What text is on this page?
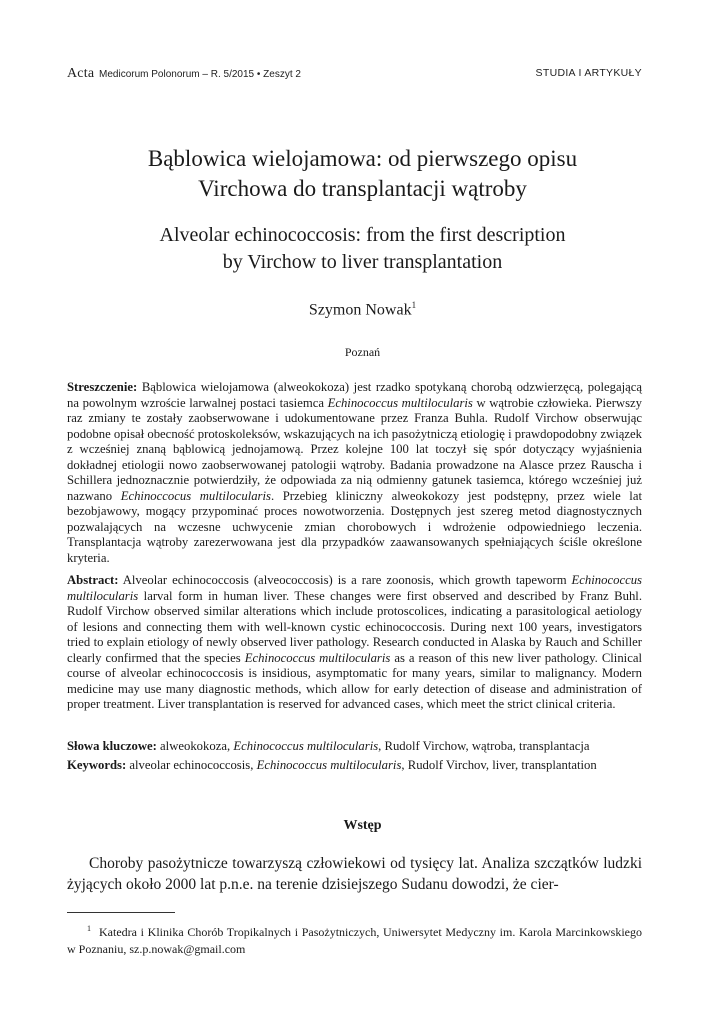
Acta Medicorum Polonorum – R. 5/2015 • Zeszyt 2	STUDIA I ARTYKUŁY
Bąblowica wielojamowa: od pierwszego opisu
Virchowa do transplantacji wątroby
Alveolar echinococcosis: from the first description
by Virchow to liver transplantation
Szymon Nowak$^1$
Poznań
Streszczenie: Bąblowica wielojamowa (alweokokoza) jest rzadko spotykaną chorobą odzwierzęcą, polegającą na powolnym wzroście larwalnej postaci tasiemca Echinococcus multilocularis w wątrobie człowieka. Pierwszy raz zmiany te zostały zaobserwowane i udokumentowane przez Franza Buhla. Rudolf Virchow obserwując podobne opisał obecność protoskoleksów, wskazujących na ich pasożytniczą etiologię i prawdopodobny związek z wcześniej znaną bąblowicą jednojamową. Przez kolejne 100 lat toczył się spór dotyczący wyjaśnienia dokładnej etiologii nowo zaobserwowanej patologii wątroby. Badania prowadzone na Alasce przez Rauscha i Schillera jednoznacznie potwierdziły, że odpowiada za nią odmienny gatunek tasiemca, którego wcześniej już nazwano Echinoccocus multilocularis. Przebieg kliniczny alweokokozy jest podstępny, przez wiele lat bezobjawowy, mogący przypominać proces nowotworzenia. Dostępnych jest szereg metod diagnostycznych pozwalających na wczesne uchwycenie zmian chorobowych i wdrożenie odpowiedniego leczenia. Transplantacja wątroby zarezerwowana jest dla przypadków zaawansowanych spełniających ściśle określone kryteria.
Abstract: Alveolar echinococcosis (alveococcosis) is a rare zoonosis, which growth tapeworm Echinococcus multilocularis larval form in human liver. These changes were first observed and described by Franz Buhl. Rudolf Virchow observed similar alterations which include protoscolices, indicating a parasitological aetiology of lesions and connecting them with well-known cystic echinococcosis. During next 100 years, investigators tried to explain etiology of newly observed liver pathology. Research conducted in Alaska by Rauch and Schiller clearly confirmed that the species Echinococcus multilocularis as a reason of this new liver pathology. Clinical course of alveolar echinococcosis is insidious, asymptomatic for many years, similar to malignancy. Modern medicine may use many diagnostic methods, which allow for early detection of disease and administration of proper treatment. Liver transplantation is reserved for advanced cases, which meet the strict clinical criteria.
Słowa kluczowe: alweokokoza, Echinococcus multilocularis, Rudolf Virchow, wątroba, transplantacja
Keywords: alveolar echinococcosis, Echinococcus multilocularis, Rudolf Virchov, liver, transplantation
Wstęp
Choroby pasożytnicze towarzyszą człowiekowi od tysięcy lat. Analiza szczątków ludzki żyjących około 2000 lat p.n.e. na terenie dzisiejszego Sudanu dowodzi, że cier-
$^1$ Katedra i Klinika Chorób Tropikalnych i Pasożytniczych, Uniwersytet Medyczny im. Karola Marcinkowskiego w Poznaniu, sz.p.nowak@gmail.com
